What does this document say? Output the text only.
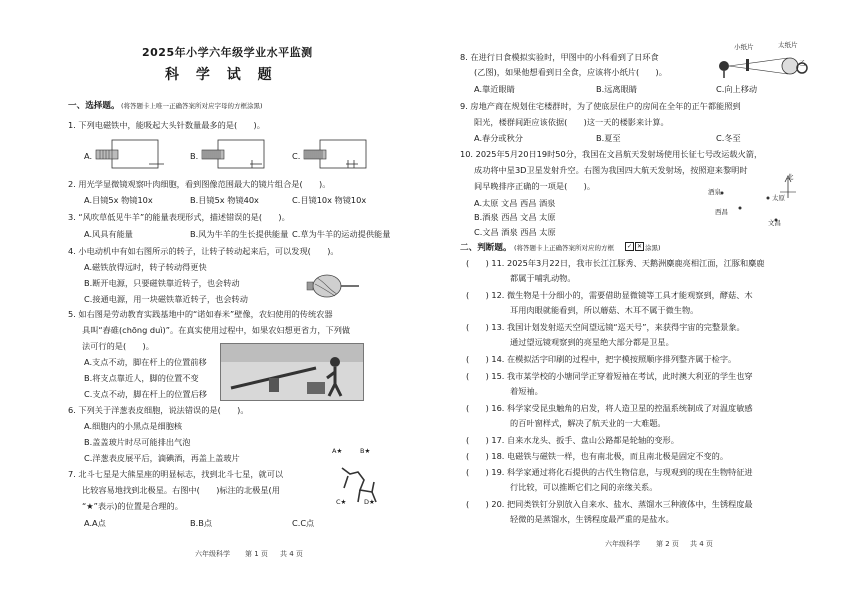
2025年小学六年级学业水平监测
科 学 试 题
一、选择题。 (将答题卡上唯一正确答案所对应字母的方框涂黑)
1. 下列电磁铁中，能吸起大头针数量最多的是(　　)。
A.	B.	C.
2. 用光学显微镜观察叶肉细胞，看到图像范围最大的镜片组合是(　　)。
A.目镜5x 物镜10x	B.目镜5x 物镜40x	C.目镜10x 物镜10x
3. “风吹草低见牛羊”的能量表现形式，描述错误的是(　　)。
A.风具有能量	B.风为牛羊的生长提供能量 C.草为牛羊的运动提供能量
4. 小电动机中有如右图所示的转子，让转子转动起来后，可以发现(　　)。
A.磁铁放得远时，转子转动得更快
B.断开电源，只要磁铁靠近转子，也会转动
C.接通电源，用一块磁铁靠近转子，也会转动
5. 如右图是劳动教育实践基地中的“诺如春米”壁像，农妇使用的传统农器
具叫“舂碓(chōng duì)”。在真实使用过程中，如果农妇想更省力，下列做
法可行的是(　　)。
A.支点不动，脚在杆上的位置前移
B.将支点靠近人，脚的位置不变
C.支点不动，脚在杆上的位置后移
6. 下列关于洋葱表皮细胞，说法错误的是(　　)。
A.细胞内的小黑点是细胞核
B.盖盖玻片时尽可能排出气泡
C.洋葱表皮展平后，滴碘酒，再盖上盖玻片
7. 北斗七星是大熊星座的明显标志，找到北斗七星，就可以
比较容易地找到北极星。右图中(　　)标注的北极星(用
“★”表示)的位置是合理的。
A.A点	B.B点	C.C点
A★	B★
C★	D★
六年级科学 第 1 页 共 4 页
8. 在进行日食模拟实验时，甲图中的小科看到了日环食
(乙图)，如果他想看到日全食，应该将小纸片(　　)。
A.靠近眼睛	B.远离眼睛	C.向上移动
小纸片	太纸片
乙
9. 房地产商在规划住宅楼群时，为了使底层住户的房间在全年的正午都能照到
阳光，楼群间距应该依据(　　)这一天的楼影来计算。
A.春分或秋分	B.夏至	C.冬至
10. 2025年5月20日19时50分，我国在文昌航天发射场使用长征七号改运载火箭，
成功将中星3D卫星发射升空。右图为我国四大航天发射场，按照迎来黎明时
间早晚排序正确的一项是(　　)。
A.太原 文昌 西昌 酒泉
B.酒泉 西昌 文昌 太原
C.文昌 酒泉 西昌 太原
北
酒泉
太原
西昌
文昌
二、判断题。 (将答题卡上正确答案所对应的方框	✓ ✕ 涂黑)
(　　) 11. 2025年3月22日，我市长江江豚秀、天鹅洲麋鹿亮相江面，江豚和麋鹿
都属于哺乳动物。
(　　) 12. 微生物是十分细小的，需要借助显微镜等工具才能观察到，酵菇、木
耳用肉眼就能看到，所以蘑菇、木耳不属于微生物。
(　　) 13. 我国计划发射巡天空间望远镜“巡天号”，来获得宇宙的完整景象。
通过望远镜观察到的亮星绝大部分都是卫星。
(　　) 14. 在模拟活字印刷的过程中，把字模按照顺序排列整齐属于检字。
(　　) 15. 我市某学校的小塘同学正穿着短袖在考试，此时澳大利亚的学生也穿
着短袖。
(　　) 16. 科学家受昆虫触角的启发，将人造卫星的控温系统制成了对温度敏感
的百叶窗样式，解决了航天业的一大难题。
(　　) 17. 自来水龙头、扳手、盘山公路都是轮轴的变形。
(　　) 18. 电磁铁与磁铁一样，也有南北极，而且南北极是固定不变的。
(　　) 19. 科学家通过将化石提供的古代生物信息，与现观到的现在生物特征进
行比较，可以推断它们之间的亲缘关系。
(　　) 20. 把同类铁钉分别放入自来水、盐水、蒸馏水三种液体中，生锈程度最
轻微的是蒸馏水，生锈程度最严重的是盐水。
六年级科学 第 2 页 共 4 页
